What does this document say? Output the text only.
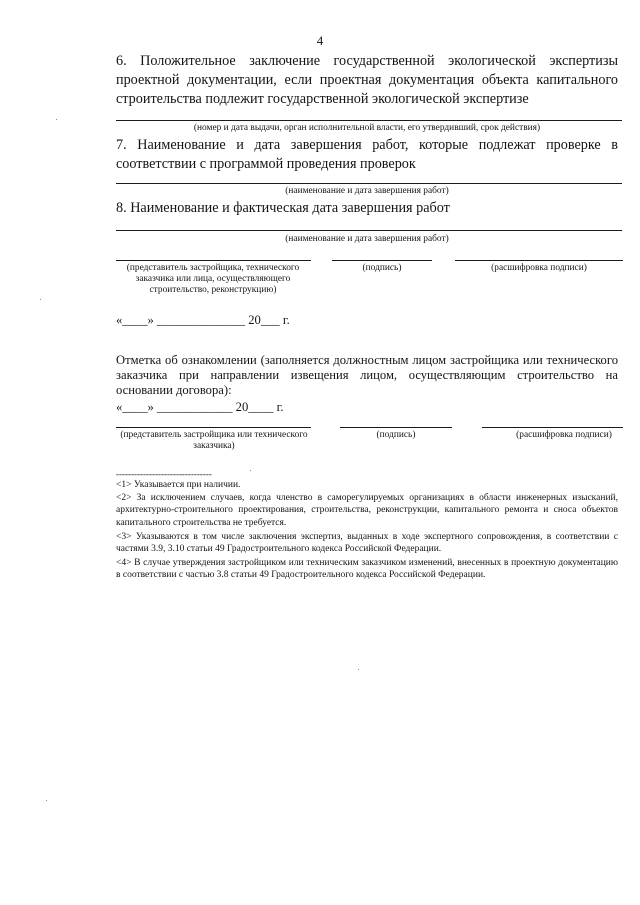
4
6. Положительное заключение государственной экологической экспертизы проектной документации, если проектная документация объекта капитального строительства подлежит государственной экологической экспертизе
(номер и дата выдачи, орган исполнительной власти, его утвердивший, срок действия)
7. Наименование и дата завершения работ, которые подлежат проверке в соответствии с программой проведения проверок
(наименование и дата завершения работ)
8. Наименование и фактическая дата завершения работ
(наименование и дата завершения работ)
(представитель застройщика, технического заказчика или лица, осуществляющего строительство, реконструкцию)
(подпись)	(расшифровка подписи)
«____» ______________ 20___ г.
Отметка об ознакомлении (заполняется должностным лицом застройщика или технического заказчика при направлении извещения лицом, осуществляющим строительство на основании договора):
«____» ____________ 20____ г.
(представитель застройщика или технического заказчика)
(подпись)	(расшифровка подписи)
--------------------------------
<1> Указывается при наличии.
<2> За исключением случаев, когда членство в саморегулируемых организациях в области инженерных изысканий, архитектурно-строительного проектирования, строительства, реконструкции, капитального ремонта и сноса объектов капитального строительства не требуется.
<3> Указываются в том числе заключения экспертиз, выданных в ходе экспертного сопровождения, в соответствии с частями 3.9, 3.10 статьи 49 Градостроительного кодекса Российской Федерации.
<4> В случае утверждения застройщиком или техническим заказчиком изменений, внесенных в проектную документацию в соответствии с частью 3.8 статьи 49 Градостроительного кодекса Российской Федерации.
